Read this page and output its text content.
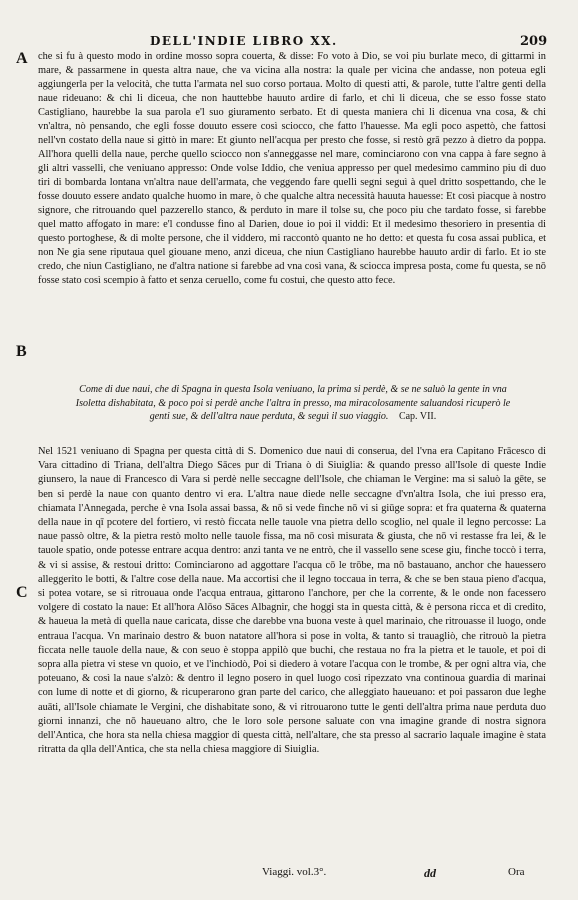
DELL'INDIE LIBRO XX.	209
A
B
C

che si fu à questo modo in ordine mosso sopra couerta, & disse: Fo voto à Dio, se voi piu burlate meco, di gittarmi in mare, & passarmene in questa altra naue, che va vicina alla nostra: la quale per vicina che andasse, non poteua egli aggiungerla per la velocità, che tutta l'armata nel suo corso portaua. Molto di questi atti, & parole, tutte l'altre genti della naue rideuano: & chi li diceua, che non hauttebbe hauuto ardire di farlo, et chi li diceua, che se esso fosse stato Castigliano, haurebbe la sua parola e'l suo giuramento serbato. Et di questa maniera chi li dicenua vna cosa, & chi vn'altra, nò pensando, che egli fosse douuto essere così sciocco, che fatto l'hauesse. Ma egli poco aspettò, che fattosi nell'vn costato della naue si gittò in mare: Et giunto nell'acqua per presto che fosse, si restò grā pezzo à dietro da poppa. All'hora quelli della naue, perche quello sciocco non s'anneggasse nel mare, cominciarono con vna cappa à fare segno à gli altri vasselli, che veniuano appresso: Onde volse Iddio, che veniua appresso per quel medesimo cammino piu di duo tiri di bombarda lontana vn'altra naue dell'armata, che veggendo fare quelli segni seguì à quel dritto sospettando, che le fosse douuto essere andato qualche huomo in mare, ò che qualche altra necessità hauuta hauesse: Et così piacque à nostro signore, che ritrouando quel pazzerello stanco, & perduto in mare il tolse su, che poco piu che tardato fosse, si farebbe quel matto affogato in mare: e'l condusse fino al Darien, doue io poi il viddi: Et il medesimo thesoriero in presentia di questo portoghese, & di molte persone, che il viddero, mi raccontò quanto ne ho detto: et questa fu cosa assai publica, et non Ne gia sene riputaua quel giouane meno, anzi diceua, che niun Castigliano haurebbe hauuto ardir di farlo. Et io ste credo, che niun Castigliano, ne d'altra natione si farebbe ad vna così vana, & sciocca impresa posta, come fu questa, se nō fosse stato così scempio à fatto et senza ceruello, come fu costui, che questo atto fece.

Come di due naui, che di Spagna in questa Isola veniuano, la prima si perdè, & se ne saluò la gente in vna Isoletta dishabitata, & poco poi si perdè anche l'altra in presso, ma miracolosamente saluandosi ricuperò le genti sue, & dell'altra naue perduta, & seguì il suo viaggio. Cap. VII.

Nel 1521 veniuano di Spagna per questa città di S. Domenico due naui di conserua, del l'vna era Capitano Frācesco di Vara cittadino di Triana, dell'altra Diego Sāces pur di Triana ò di Siuiglia: & quando presso all'Isole di queste Indie giunsero, la naue di Francesco di Vara si perdè nelle seccagne dell'Isole, che chiaman le Vergine: ma si saluò la gēte, se ben si perdè la naue con quanto dentro vi era. L'altra naue diede nelle seccagne d'vn'altra Isola, che iui presso era, chiamata l'Annegada, perche è vna Isola assai bassa, & nō si vede finche nō vi si giūge sopra: et fra quaterna & quaterna della naue in qī pcotere del fortiero, vi restò ficcata nelle tauole vna pietra dello scoglio, nel quale il legno percosse: La naue passò oltre, & la pietra restò molto nelle tauole fissa, ma nō così misurata & giusta, che nō vi restasse fra lei, & le tauole spatio, onde potesse entrare acqua dentro: anzi tanta ve ne entrò, che il vassello sene scese giu, finche toccò i terra, & vi si assise, & restoui dritto: Cominciarono ad aggottare l'acqua cō le trōbe, ma nō bastauano, anchor che hauessero alleggerito le botti, & l'altre cose della naue. Ma accortisi che il legno toccaua in terra, & che se ben staua pieno d'acqua, si potea votare, se si ritrouaua onde l'acqua entraua, gittarono l'anchore, per che la corrente, & le onde non facessero volgere di costato la naue: Et all'hora Alōso Sāces Albagnir, che hoggi sta in questa città, & è persona ricca et di credito, & haueua la metà di quella naue caricata, disse che darebbe vna buona veste à quel marinaio, che ritrouasse il luogo, onde entraua l'acqua. Vn marinaio destro & buon natatore all'hora si pose in volta, & tanto si trauagliò, che ritrouò la pietra ficcata nelle tauole della naue, & con seuo è stoppa appilò que buchi, che restaua no fra la pietra et le tauole, et poi di sopra alla pietra vi stese vn quoio, et ve l'inchiodò, Poi si diedero à votare l'acqua con le trombe, & per ogni altra via, che poteuano, & così la naue s'alzò: & dentro il legno posero in quel luogo così ripezzato vna continoua guardia di marinai con lume di notte et di giorno, & ricuperarono gran parte del carico, che alleggiato haueuano: et poi passaron due leghe auāti, all'Isole chiamate le Vergini, che dishabitate sono, & vi ritrouarono tutte le genti dell'altra prima naue perduta duo giorni innanzi, che nō haueuano altro, che le loro sole persone saluate con vna imagine grande di nostra signora dell'Antica, che hora sta nella chiesa maggior di questa città, nell'altare, che sta presso al sacrario laquale imagine è stata ritratta da qlla dell'Antica, che sta nella chiesa maggiore di Siuiglia.

Viaggi. vol.3°.	dd	Ora
